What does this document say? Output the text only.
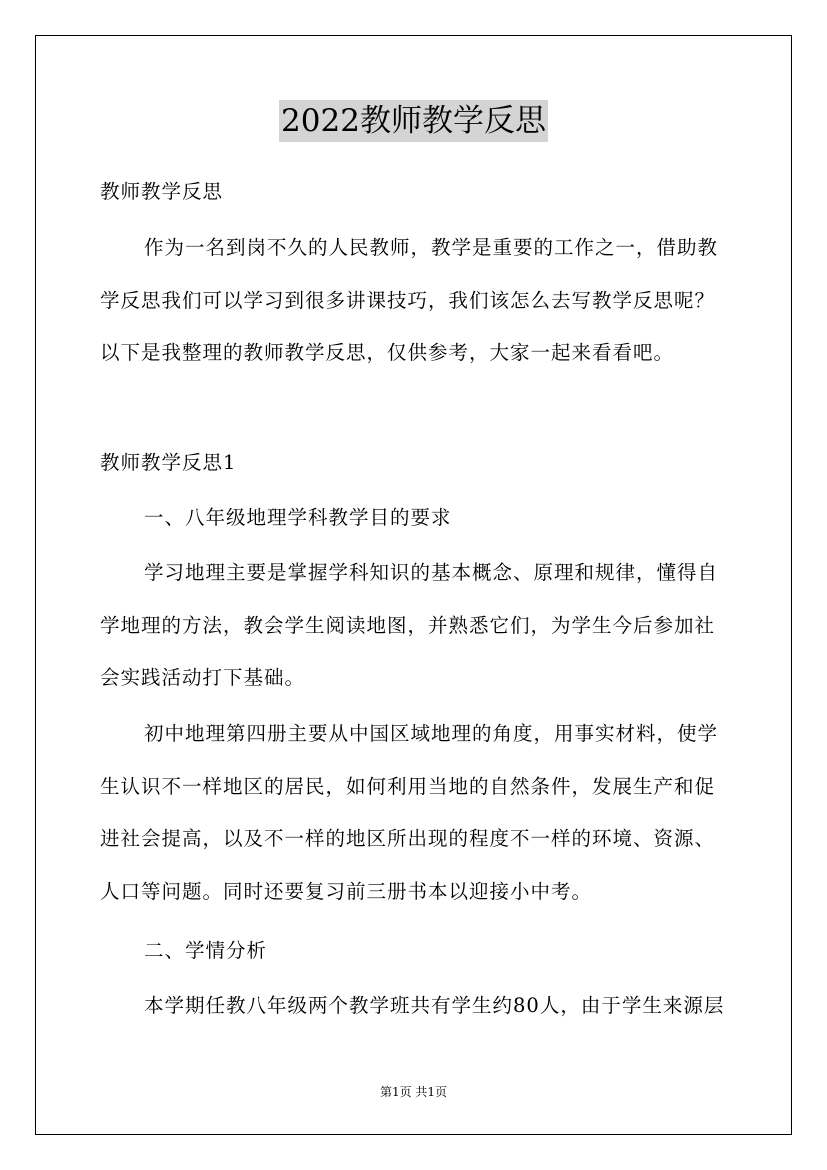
2022教师教学反思
教师教学反思
作为一名到岗不久的人民教师，教学是重要的工作之一，借助教
学反思我们可以学习到很多讲课技巧，我们该怎么去写教学反思呢？
以下是我整理的教师教学反思，仅供参考，大家一起来看看吧。
教师教学反思1
一、八年级地理学科教学目的要求
学习地理主要是掌握学科知识的基本概念、原理和规律，懂得自
学地理的方法，教会学生阅读地图，并熟悉它们，为学生今后参加社
会实践活动打下基础。
初中地理第四册主要从中国区域地理的角度，用事实材料，使学
生认识不一样地区的居民，如何利用当地的自然条件，发展生产和促
进社会提高，以及不一样的地区所出现的程度不一样的环境、资源、
人口等问题。同时还要复习前三册书本以迎接小中考。
二、学情分析
本学期任教八年级两个教学班共有学生约80人，由于学生来源层
第1页 共1页
